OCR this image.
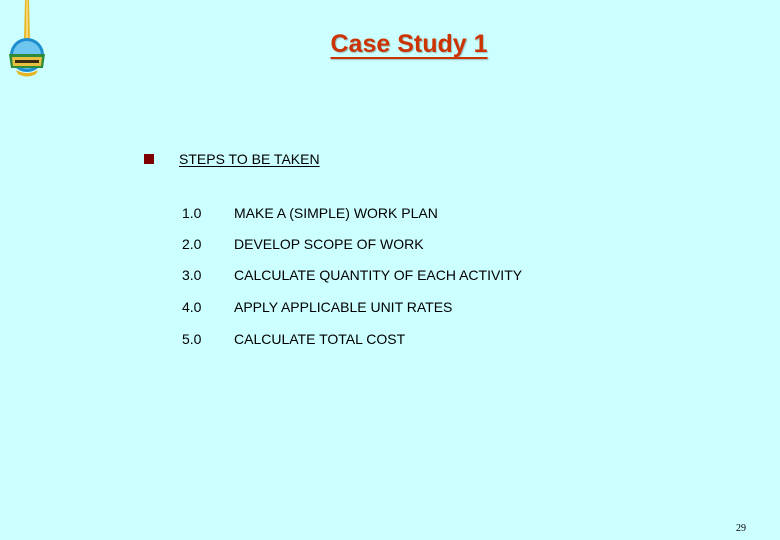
Case Study 1
STEPS TO BE TAKEN
1.0 MAKE A (SIMPLE) WORK PLAN
2.0 DEVELOP SCOPE OF WORK
3.0 CALCULATE QUANTITY OF EACH ACTIVITY
4.0 APPLY APPLICABLE UNIT RATES
5.0 CALCULATE TOTAL COST
29
